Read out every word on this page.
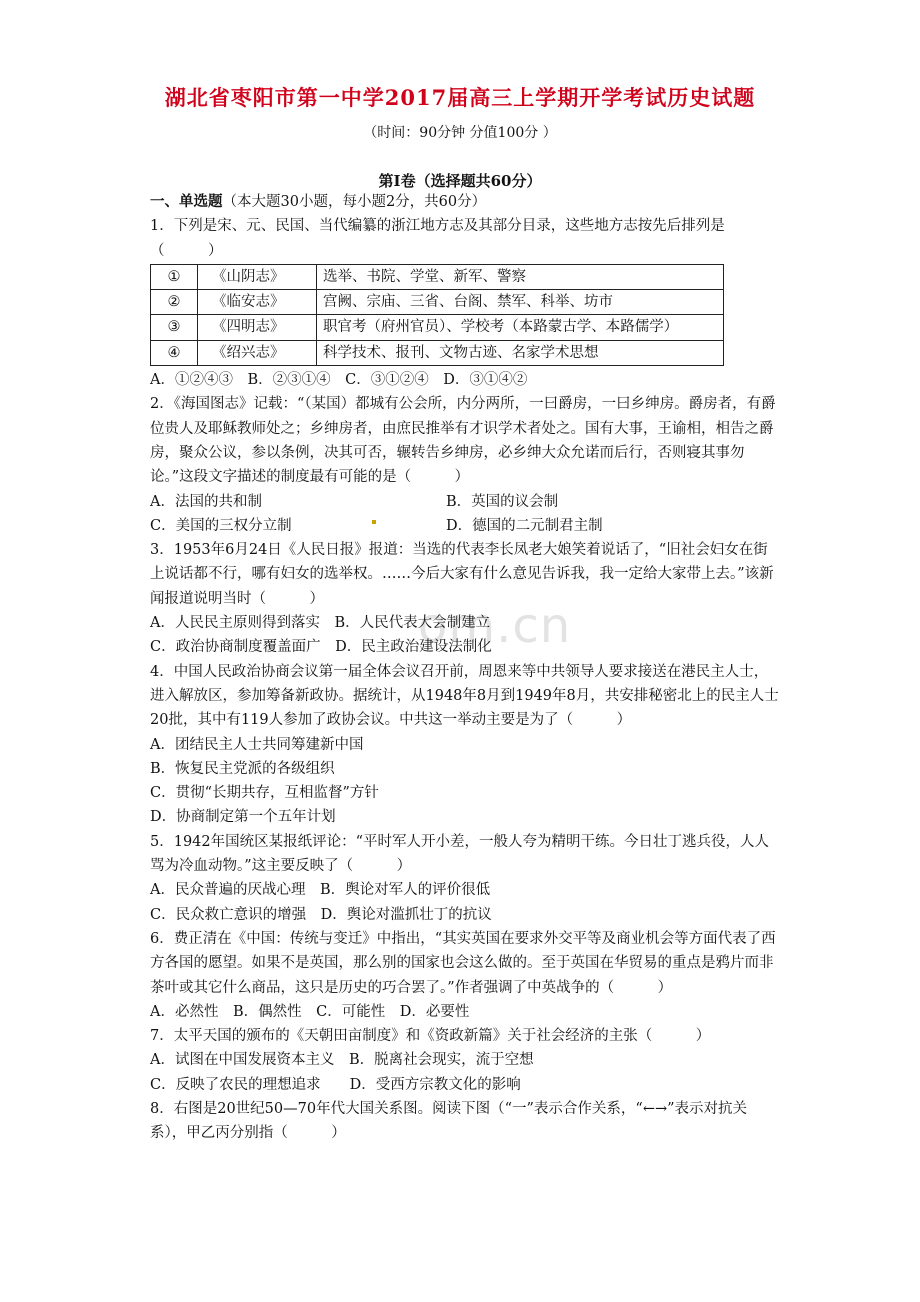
湖北省枣阳市第一中学2017届高三上学期开学考试历史试题
（时间：90分钟 分值100分 ）
第Ⅰ卷（选择题共60分）
om.cn

一、单选题（本大题30小题，每小题2分，共60分）

1．下列是宋、元、民国、当代编纂的浙江地方志及其部分目录，这些地方志按先后排列是（　　　）

①	《山阴志》	选举、书院、学堂、新军、警察
②	《临安志》	宫阙、宗庙、三省、台阁、禁军、科举、坊市
③	《四明志》	职官考（府州官员）、学校考（本路蒙古学、本路儒学）
④	《绍兴志》	科学技术、报刊、文物古迹、名家学术思想

A．①②④③　B．②③①④　C．③①②④　D．③①④②

2．《海国图志》记载：“（某国）都城有公会所，内分两所，一曰爵房，一曰乡绅房。爵房者，有爵位贵人及耶稣教师处之；乡绅房者，由庶民推举有才识学术者处之。国有大事，王谕相，相告之爵房，聚众公议，参以条例，决其可否，辗转告乡绅房，必乡绅大众允诺而后行，否则寝其事勿论。”这段文字描述的制度最有可能的是（　　　）

A．法国的共和制	B．英国的议会制

C．美国的三权分立制	D．德国的二元制君主制

3．1953年6月24日《人民日报》报道：当选的代表李长凤老大娘笑着说话了，“旧社会妇女在街上说话都不行，哪有妇女的选举权。……今后大家有什么意见告诉我，我一定给大家带上去。”该新闻报道说明当时（　　　）

A．人民民主原则得到落实　B．人民代表大会制建立

C．政治协商制度覆盖面广　D．民主政治建设法制化

4．中国人民政治协商会议第一届全体会议召开前，周恩来等中共领导人要求接送在港民主人士，进入解放区，参加筹备新政协。据统计，从1948年8月到1949年8月，共安排秘密北上的民主人士20批，其中有119人参加了政协会议。中共这一举动主要是为了（　　　）

A．团结民主人士共同筹建新中国

B．恢复民主党派的各级组织

C．贯彻“长期共存，互相监督”方针

D．协商制定第一个五年计划

5．1942年国统区某报纸评论：“平时军人开小差，一般人夸为精明干练。今日壮丁逃兵役，人人骂为冷血动物。”这主要反映了（　　　）

A．民众普遍的厌战心理　B．舆论对军人的评价很低

C．民众救亡意识的增强　D．舆论对滥抓壮丁的抗议

6．费正清在《中国：传统与变迁》中指出，“其实英国在要求外交平等及商业机会等方面代表了西方各国的愿望。如果不是英国，那么别的国家也会这么做的。至于英国在华贸易的重点是鸦片而非茶叶或其它什么商品，这只是历史的巧合罢了。”作者强调了中英战争的（　　　）

A．必然性　B．偶然性　C．可能性　D．必要性

7．太平天国的颁布的《天朝田亩制度》和《资政新篇》关于社会经济的主张（　　　）

A．试图在中国发展资本主义　B．脱离社会现实，流于空想

C．反映了农民的理想追求　　D．受西方宗教文化的影响

8．右图是20世纪50—70年代大国关系图。阅读下图（“一”表示合作关系，“←→”表示对抗关系），甲乙丙分别指（　　　）
